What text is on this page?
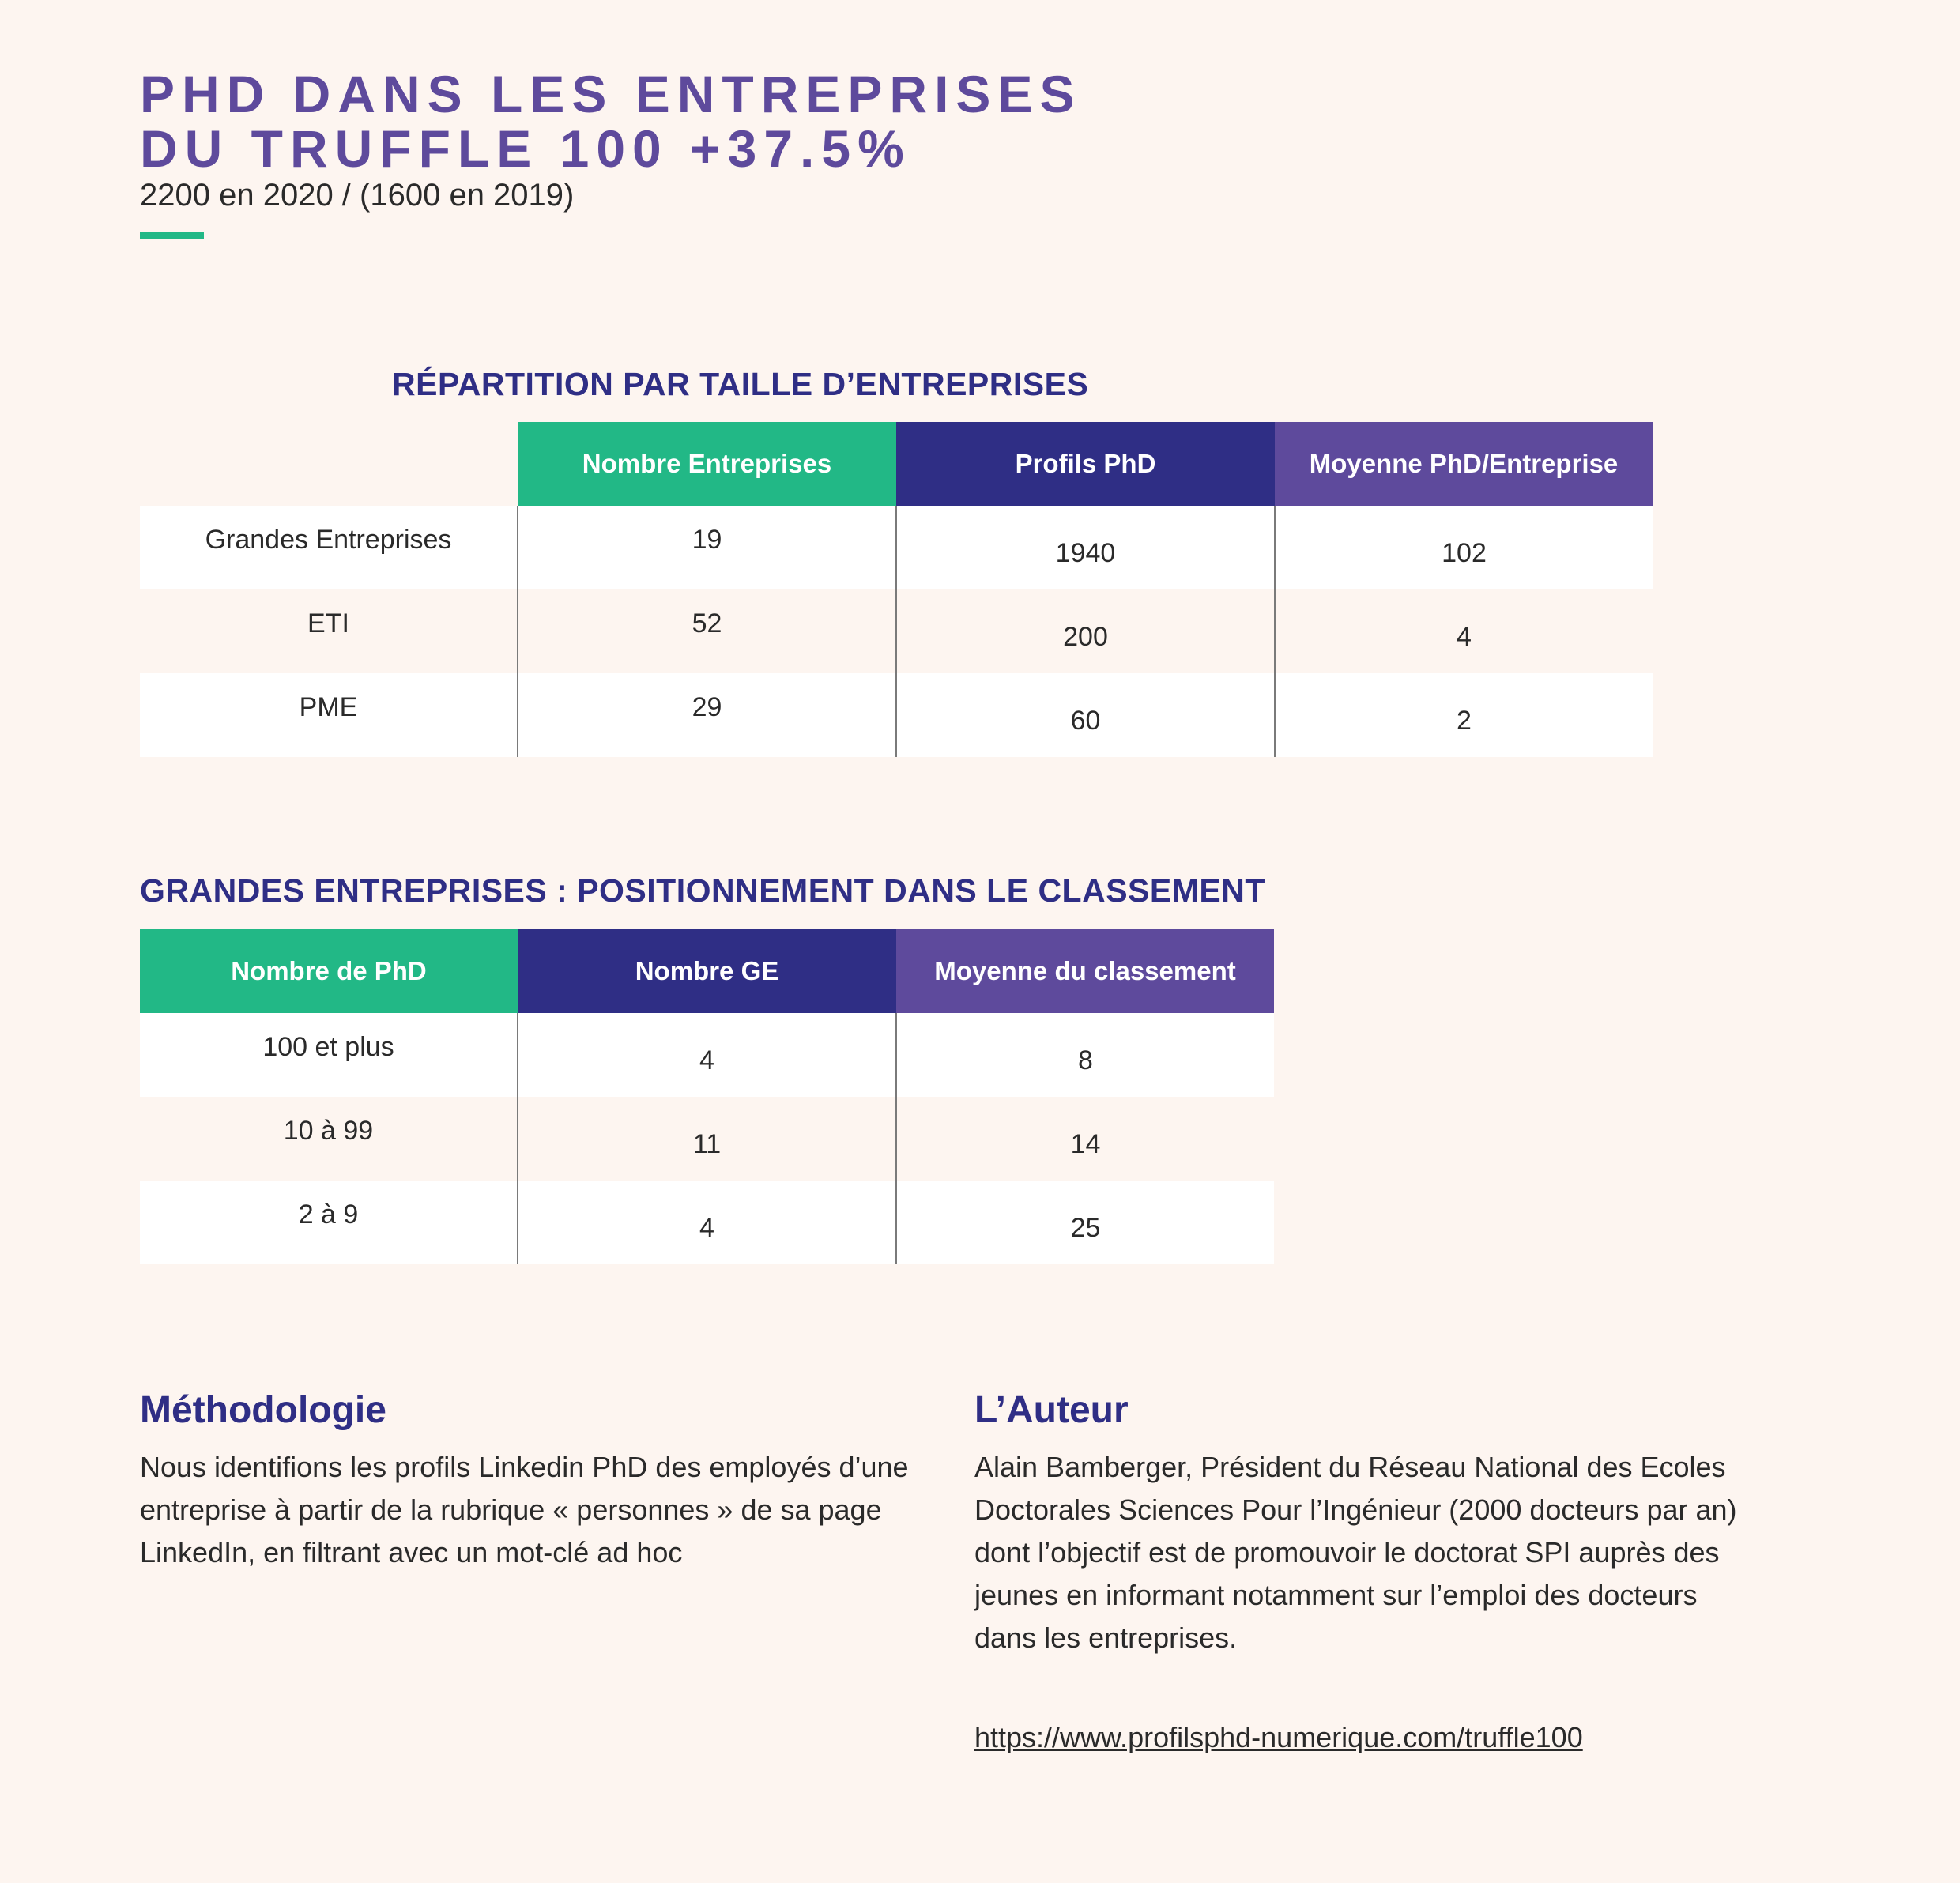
PHD DANS LES ENTREPRISES
DU TRUFFLE 100 +37.5%
2200 en 2020 / (1600 en 2019)
RÉPARTITION PAR TAILLE D’ENTREPRISES
	Nombre Entreprises	Profils PhD	Moyenne PhD/Entreprise
Grandes Entreprises	19	1940	102
ETI	52	200	4
PME	29	60	2
GRANDES ENTREPRISES : POSITIONNEMENT DANS LE CLASSEMENT
Nombre de PhD	Nombre GE	Moyenne du classement
100 et plus	4	8
10 à 99	11	14
2 à 9	4	25
Méthodologie
Nous identifions les profils Linkedin PhD des employés d’une entreprise à partir de la rubrique « personnes » de sa page LinkedIn, en filtrant avec un mot-clé ad hoc
L’Auteur
Alain Bamberger, Président du Réseau National des Ecoles Doctorales Sciences Pour l’Ingénieur (2000 docteurs par an) dont l’objectif est de promouvoir le doctorat SPI auprès des jeunes en informant notamment sur l’emploi des docteurs dans les entreprises.
https://www.profilsphd-numerique.com/truffle100
